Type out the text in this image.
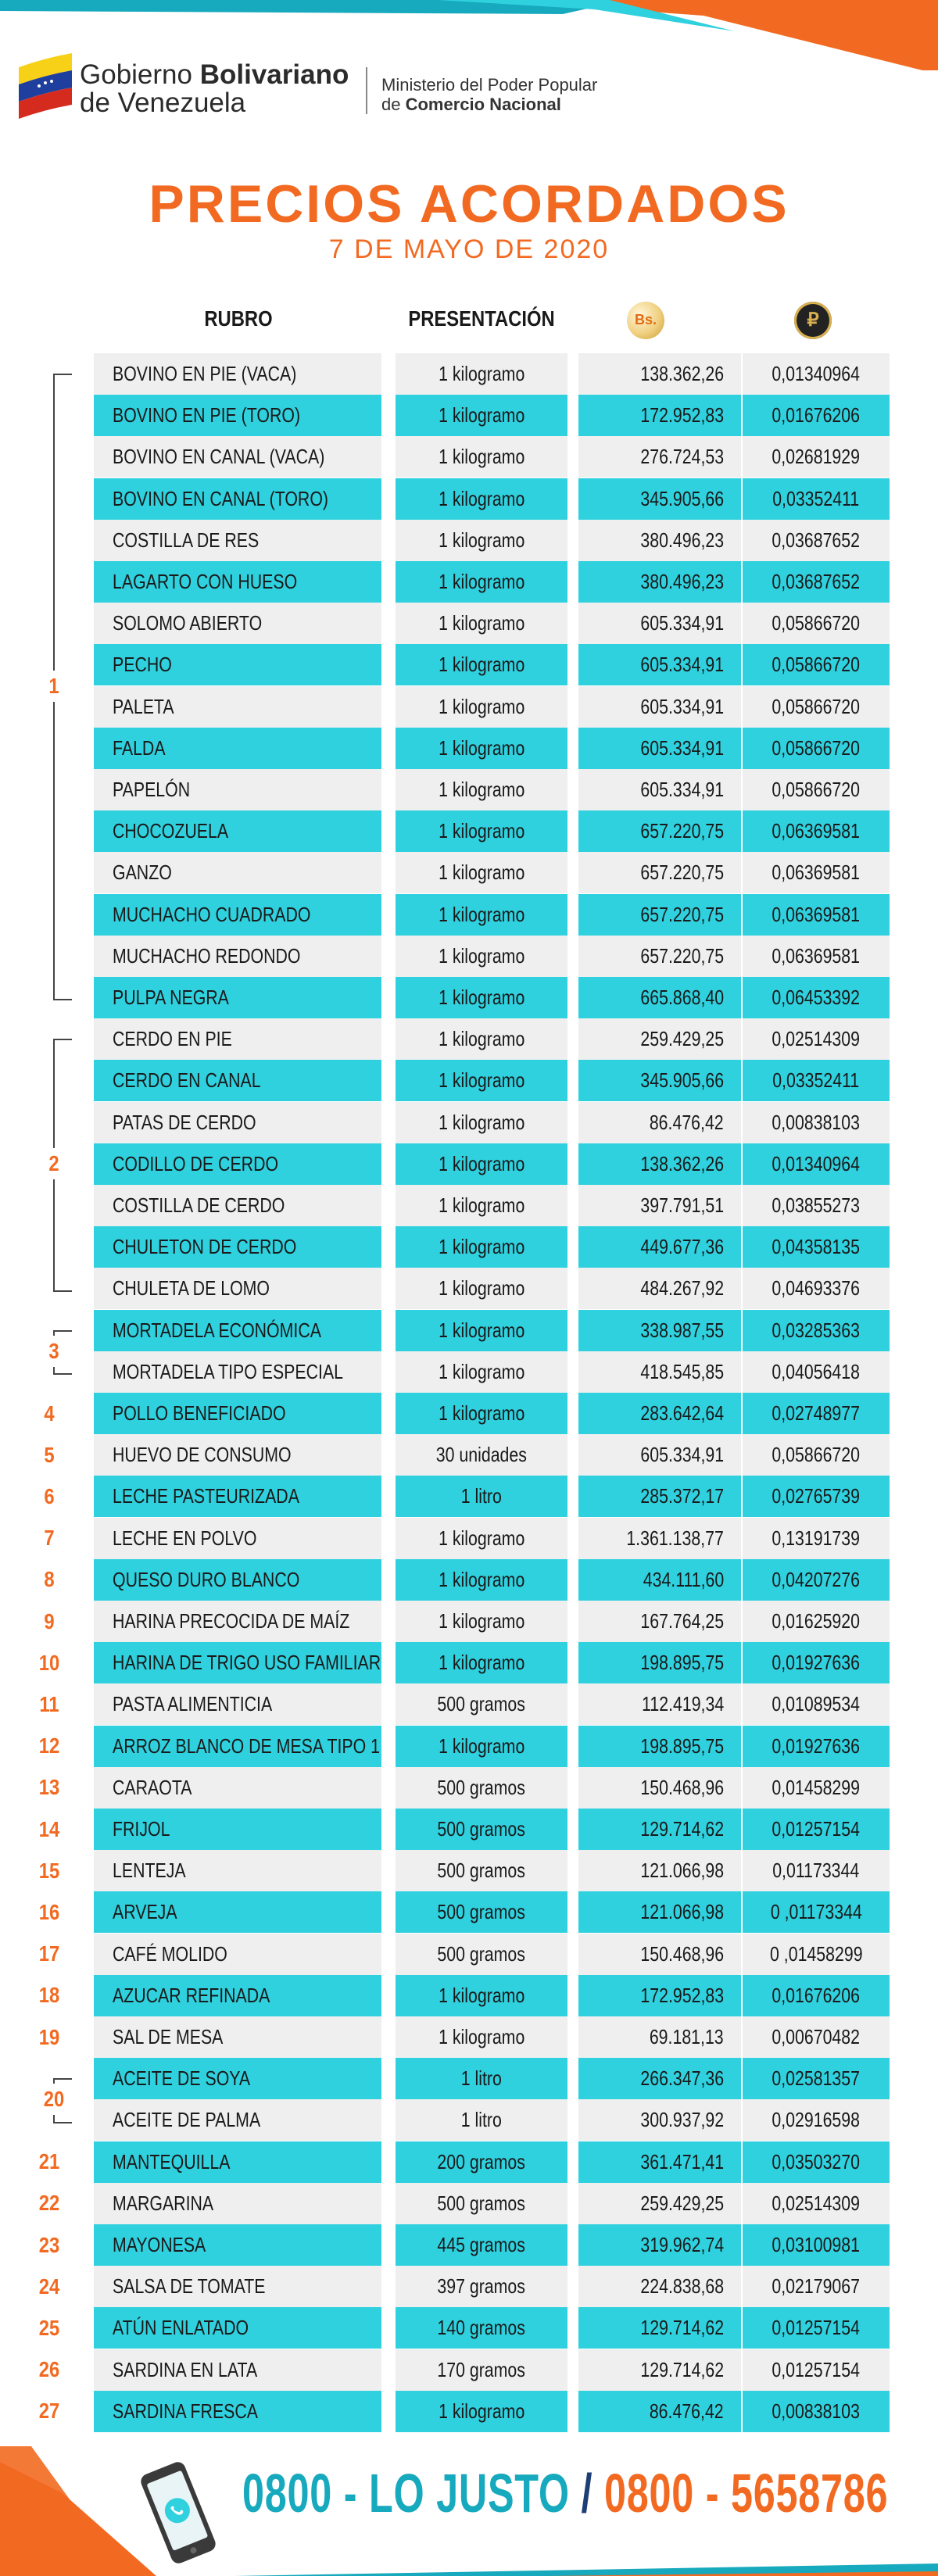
Gobierno Bolivariano
de Venezuela
Ministerio del Poder Popular
de Comercio Nacional
PRECIOS ACORDADOS
7 DE MAYO DE 2020
RUBRO	PRESENTACIÓN	Bs.	₽
BOVINO EN PIE (VACA)	1 kilogramo	138.362,26	0,01340964
BOVINO EN PIE (TORO)	1 kilogramo	172.952,83	0,01676206
BOVINO EN CANAL (VACA)	1 kilogramo	276.724,53	0,02681929
BOVINO EN CANAL (TORO)	1 kilogramo	345.905,66	0,03352411
COSTILLA DE RES	1 kilogramo	380.496,23	0,03687652
LAGARTO CON HUESO	1 kilogramo	380.496,23	0,03687652
SOLOMO ABIERTO	1 kilogramo	605.334,91	0,05866720
PECHO	1 kilogramo	605.334,91	0,05866720
PALETA	1 kilogramo	605.334,91	0,05866720
FALDA	1 kilogramo	605.334,91	0,05866720
PAPELÓN	1 kilogramo	605.334,91	0,05866720
CHOCOZUELA	1 kilogramo	657.220,75	0,06369581
GANZO	1 kilogramo	657.220,75	0,06369581
MUCHACHO CUADRADO	1 kilogramo	657.220,75	0,06369581
MUCHACHO REDONDO	1 kilogramo	657.220,75	0,06369581
PULPA NEGRA	1 kilogramo	665.868,40	0,06453392
CERDO EN PIE	1 kilogramo	259.429,25	0,02514309
CERDO EN CANAL	1 kilogramo	345.905,66	0,03352411
PATAS DE CERDO	1 kilogramo	86.476,42	0,00838103
CODILLO DE CERDO	1 kilogramo	138.362,26	0,01340964
COSTILLA DE CERDO	1 kilogramo	397.791,51	0,03855273
CHULETON DE CERDO	1 kilogramo	449.677,36	0,04358135
CHULETA DE LOMO	1 kilogramo	484.267,92	0,04693376
MORTADELA ECONÓMICA	1 kilogramo	338.987,55	0,03285363
MORTADELA TIPO ESPECIAL	1 kilogramo	418.545,85	0,04056418
POLLO BENEFICIADO	1 kilogramo	283.642,64	0,02748977
HUEVO DE CONSUMO	30 unidades	605.334,91	0,05866720
LECHE PASTEURIZADA	1 litro	285.372,17	0,02765739
LECHE EN POLVO	1 kilogramo	1.361.138,77	0,13191739
QUESO DURO BLANCO	1 kilogramo	434.111,60	0,04207276
HARINA PRECOCIDA DE MAÍZ	1 kilogramo	167.764,25	0,01625920
HARINA DE TRIGO USO FAMILIAR	1 kilogramo	198.895,75	0,01927636
PASTA ALIMENTICIA	500 gramos	112.419,34	0,01089534
ARROZ BLANCO DE MESA TIPO 1	1 kilogramo	198.895,75	0,01927636
CARAOTA	500 gramos	150.468,96	0,01458299
FRIJOL	500 gramos	129.714,62	0,01257154
LENTEJA	500 gramos	121.066,98	0,01173344
ARVEJA	500 gramos	121.066,98	0 ,01173344
CAFÉ MOLIDO	500 gramos	150.468,96	0 ,01458299
AZUCAR REFINADA	1 kilogramo	172.952,83	0,01676206
SAL DE MESA	1 kilogramo	69.181,13	0,00670482
ACEITE DE SOYA	1 litro	266.347,36	0,02581357
ACEITE DE PALMA	1 litro	300.937,92	0,02916598
MANTEQUILLA	200 gramos	361.471,41	0,03503270
MARGARINA	500 gramos	259.429,25	0,02514309
MAYONESA	445 gramos	319.962,74	0,03100981
SALSA DE TOMATE	397 gramos	224.838,68	0,02179067
ATÚN ENLATADO	140 gramos	129.714,62	0,01257154
SARDINA EN LATA	170 gramos	129.714,62	0,01257154
SARDINA FRESCA	1 kilogramo	86.476,42	0,00838103
1
2
3
4
5
6
7
8
9
10
11
12
13
14
15
16
17
18
19
20
21
22
23
24
25
26
27
0800 - LO JUSTO / 0800 - 5658786
